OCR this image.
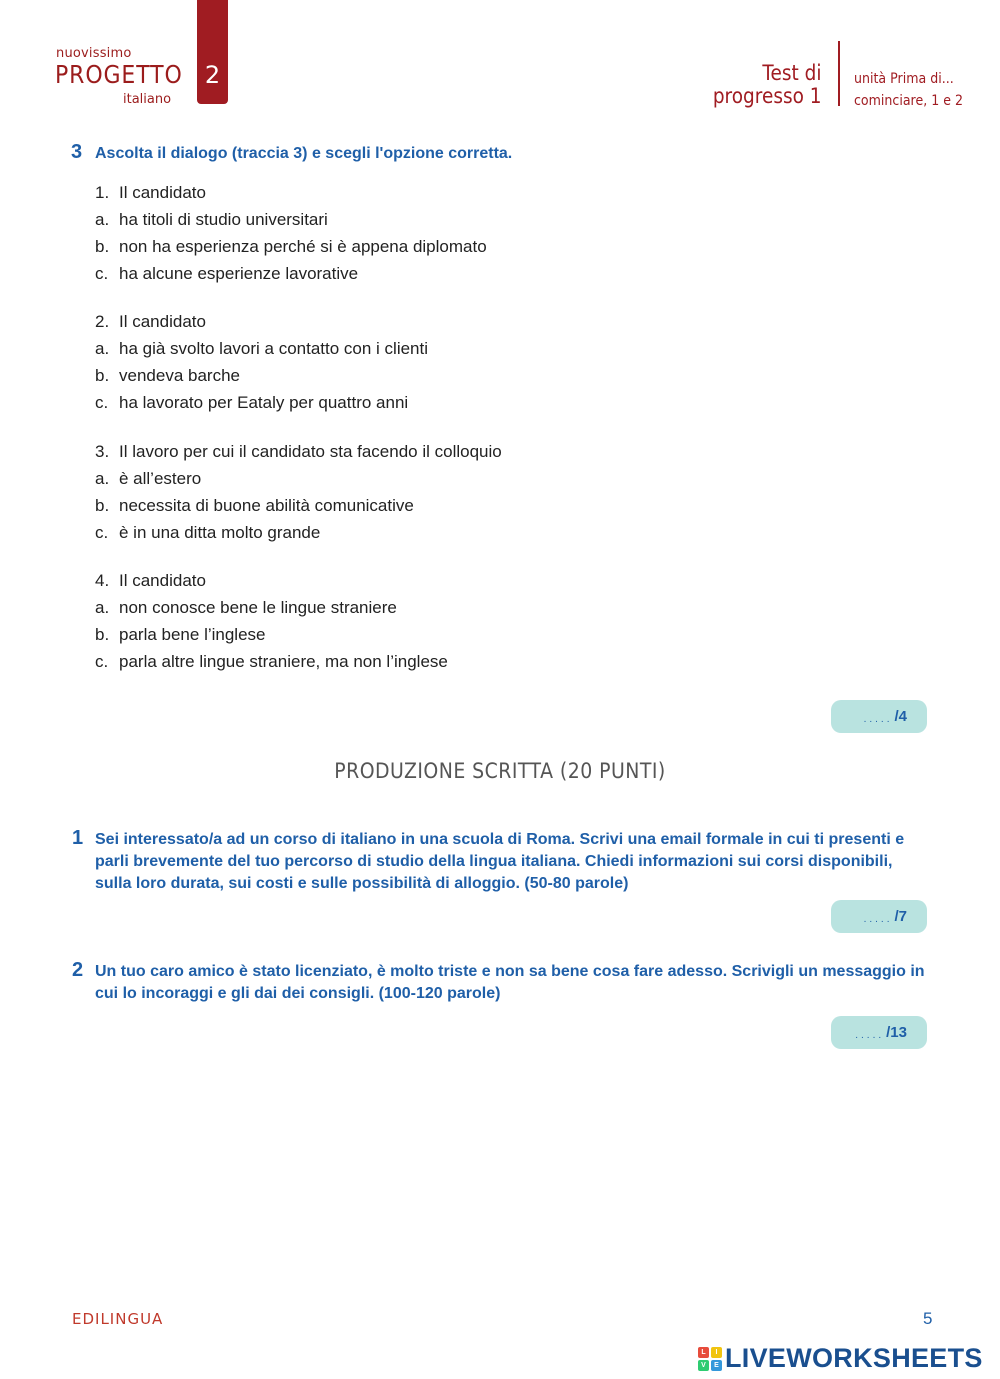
nuovissimo
PROGETTO
italiano
2	Test di
progresso 1
unità Prima di...
cominciare, 1 e 2
3 Ascolta il dialogo (traccia 3) e scegli l'opzione corretta.
1. Il candidato
a. ha titoli di studio universitari
b. non ha esperienza perché si è appena diplomato
c. ha alcune esperienze lavorative
2. Il candidato
a. ha già svolto lavori a contatto con i clienti
b. vendeva barche
c. ha lavorato per Eataly per quattro anni
3. Il lavoro per cui il candidato sta facendo il colloquio
a. è all’estero
b. necessita di buone abilità comunicative
c. è in una ditta molto grande
4. Il candidato
a. non conosce bene le lingue straniere
b. parla bene l’inglese
c. parla altre lingue straniere, ma non l’inglese
..... /4
PRODUZIONE SCRITTA (20 PUNTI)
1 Sei interessato/a ad un corso di italiano in una scuola di Roma. Scrivi una email formale in cui ti presenti e parli brevemente del tuo percorso di studio della lingua italiana. Chiedi informazioni sui corsi disponibili, sulla loro durata, sui costi e sulle possibilità di alloggio. (50-80 parole)
..... /7
2 Un tuo caro amico è stato licenziato, è molto triste e non sa bene cosa fare adesso. Scrivigli un messaggio in cui lo incoraggi e gli dai dei consigli. (100-120 parole)
..... /13
EDILINGUA	5
L	I
V	E LIVEWORKSHEETS
